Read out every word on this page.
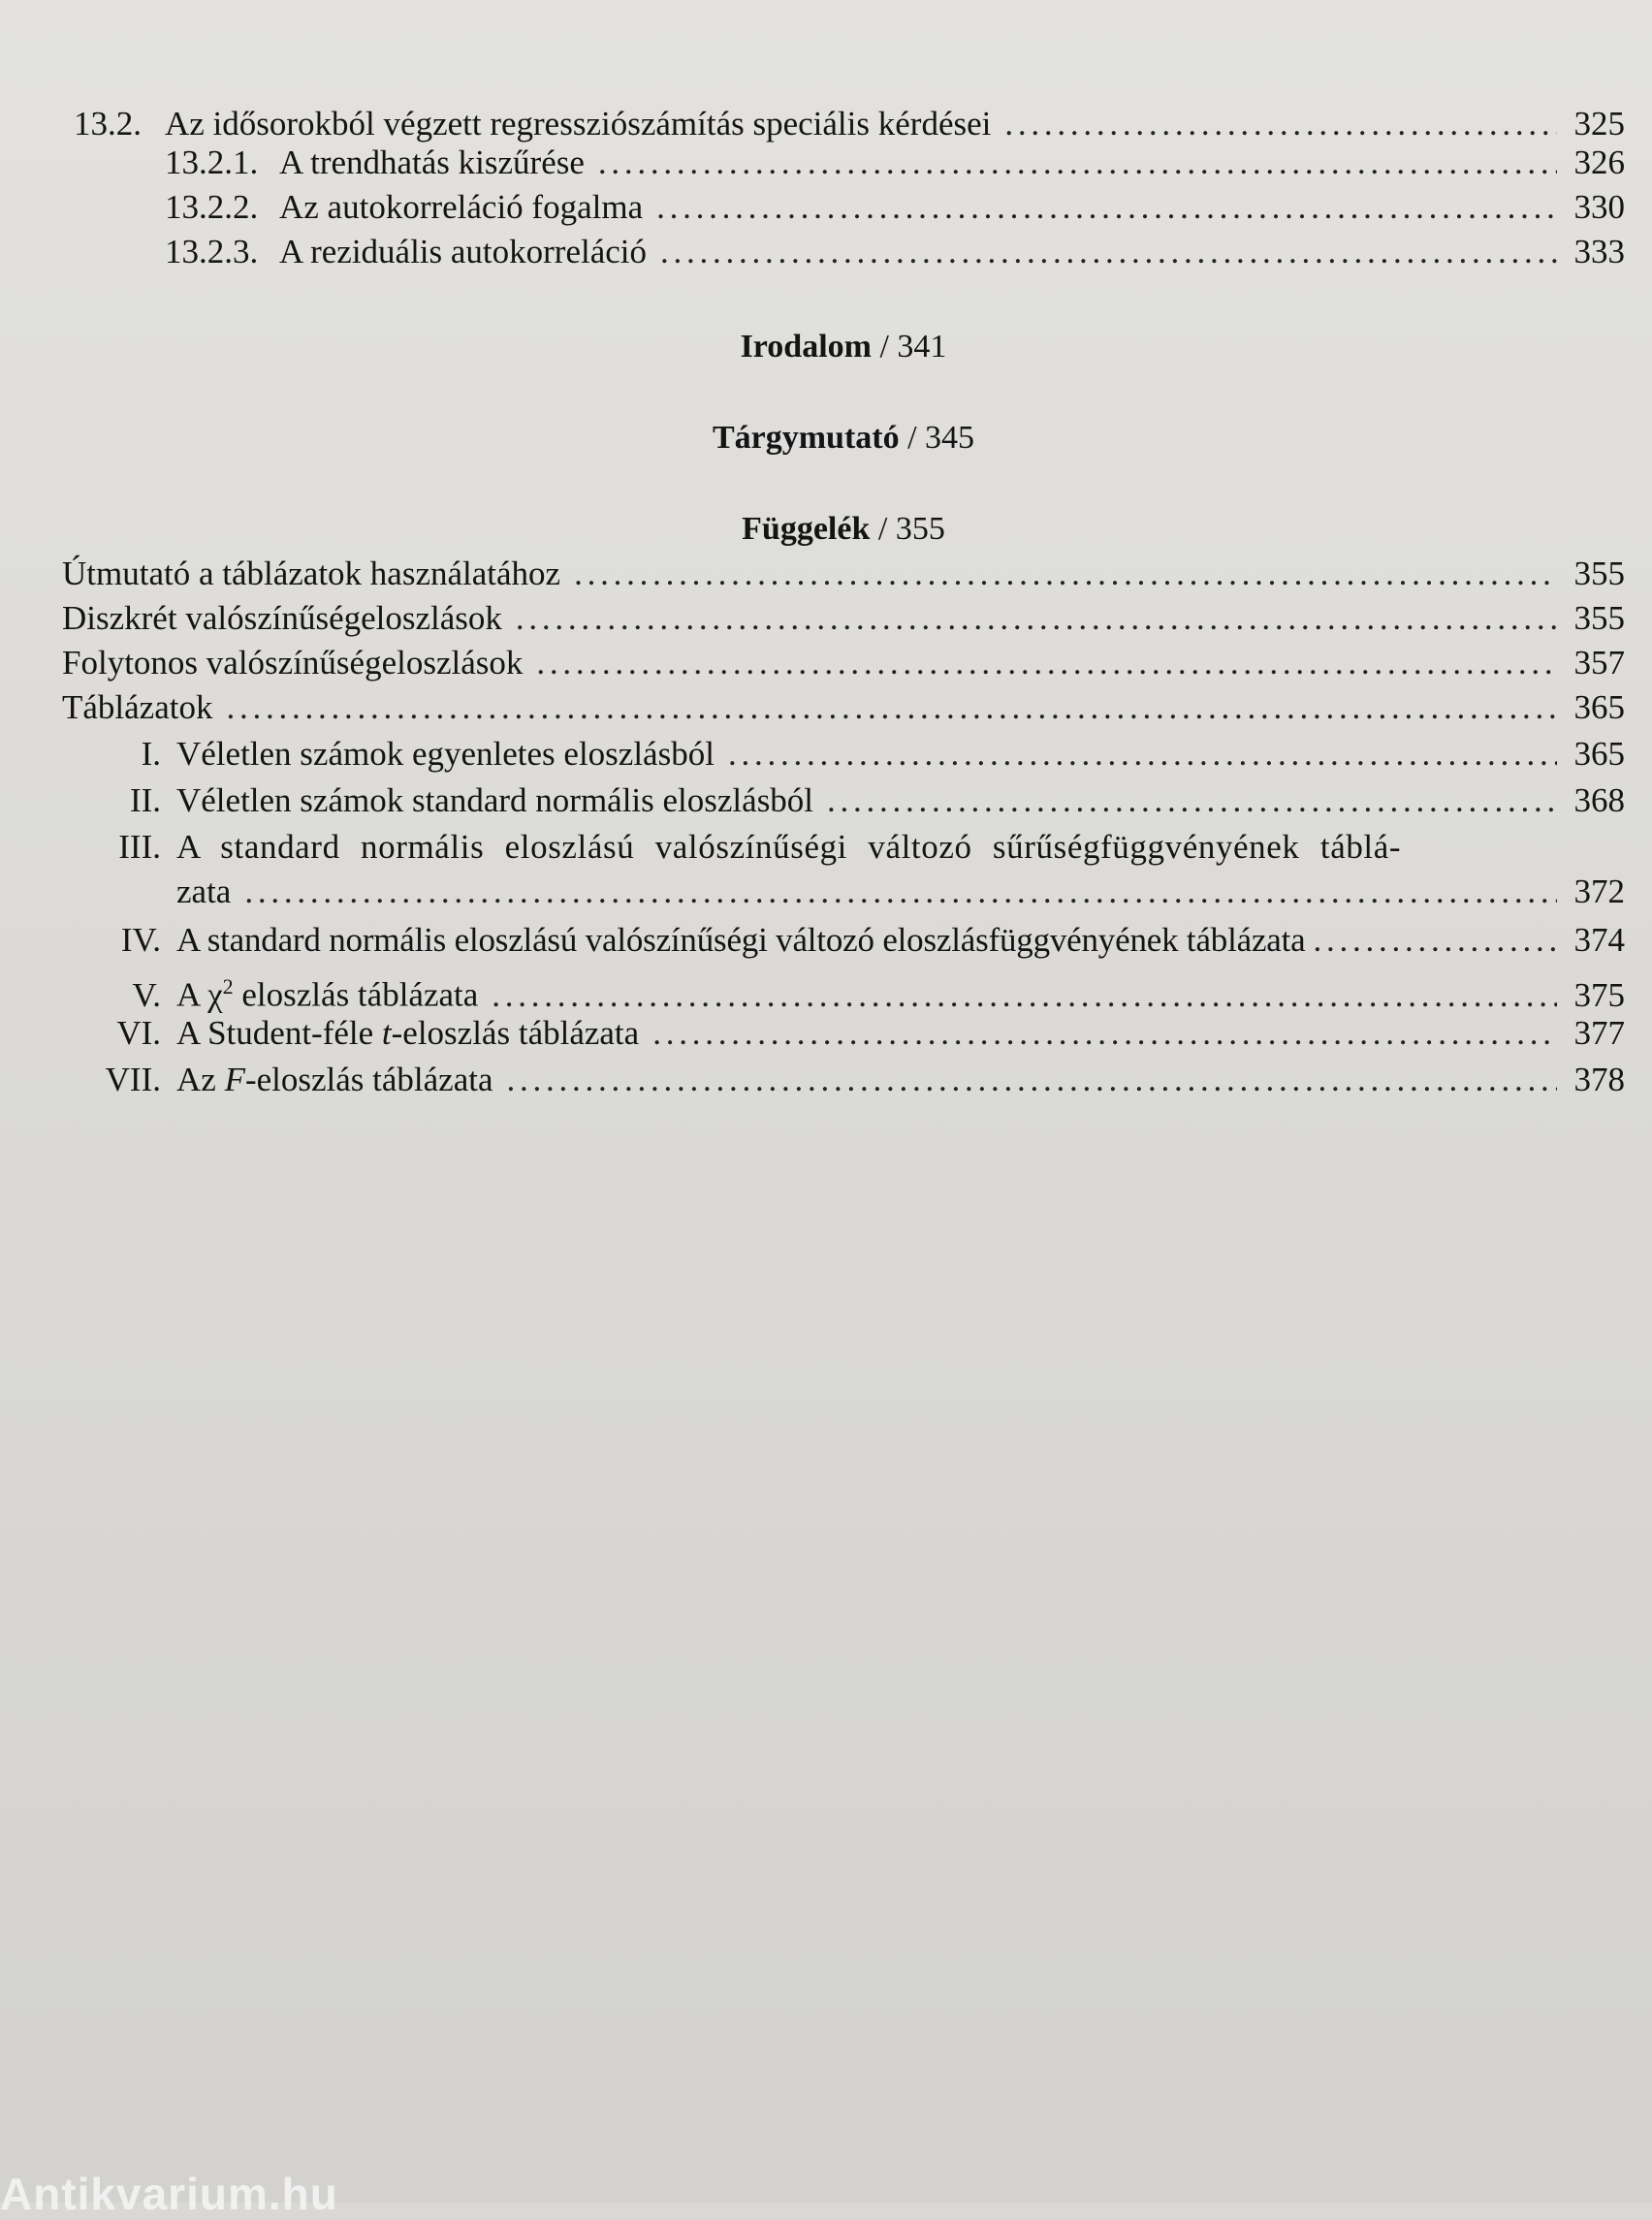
13.2. Az idősorokból végzett regressziószámítás speciális kérdései . . .	325
13.2.1. A trendhatás kiszűrése . . .	326
13.2.2. Az autokorreláció fogalma . . .	330
13.2.3. A reziduális autokorreláció . . .	333
Irodalom / 341
Tárgymutató / 345
Függelék / 355
Útmutató a táblázatok használatához . . .	355
Diszkrét valószínűségeloszlások . . .	355
Folytonos valószínűségeloszlások . . .	357
Táblázatok . . .	365
I. Véletlen számok egyenletes eloszlásból . . .	365
II. Véletlen számok standard normális eloszlásból . . .	368
III. A standard normális eloszlású valószínűségi változó sűrűségfüggvényének táblá-
zata . . .	372
IV. A standard normális eloszlású valószínűségi változó eloszlásfüggvényének táblázata . . .	374
V. A $\chi^2$ eloszlás táblázata . . .	375
VI. A Student-féle t-eloszlás táblázata . . .	377
VII. Az F-eloszlás táblázata . . .	378
Antikvarium.hu
